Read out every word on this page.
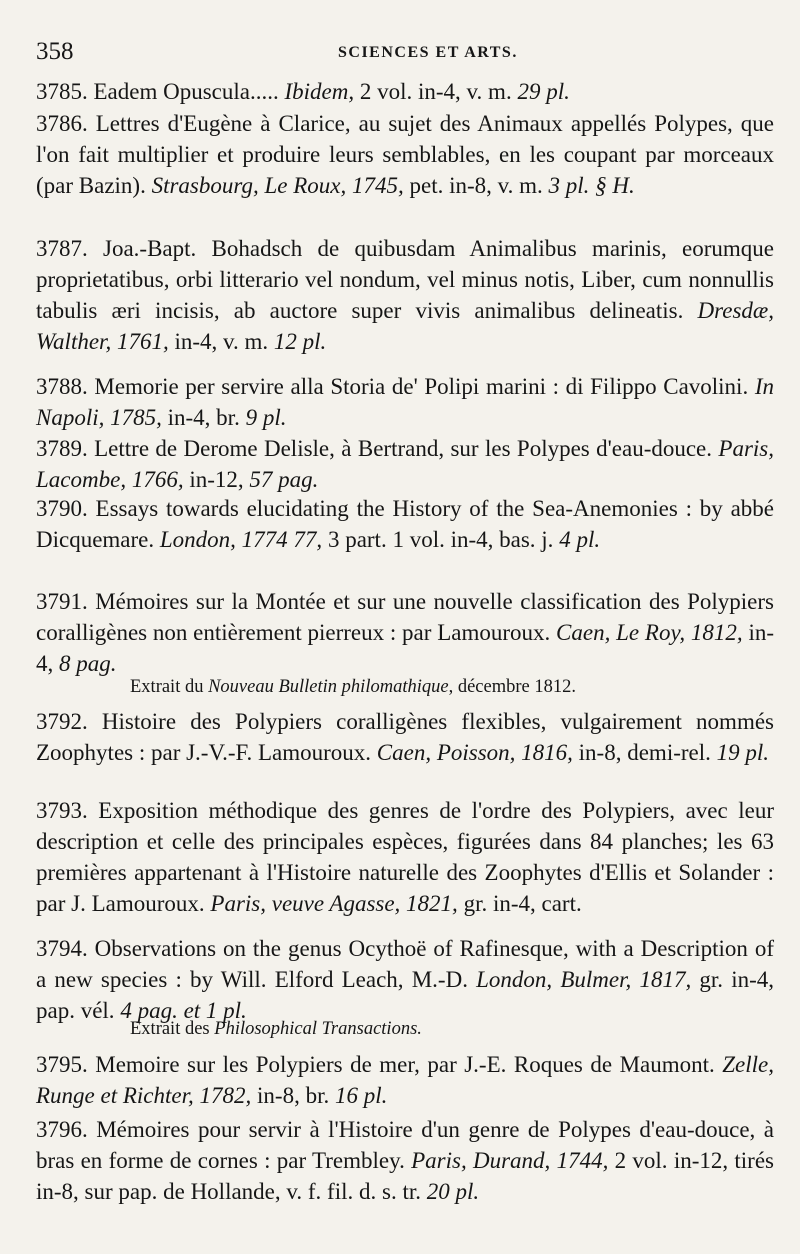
358	SCIENCES ET ARTS.
3785. Eadem Opuscula..... Ibidem, 2 vol. in-4, v. m. 29 pl.
3786. Lettres d'Eugène à Clarice, au sujet des Animaux appellés Polypes, que l'on fait multiplier et produire leurs semblables, en les coupant par morceaux (par Bazin). Strasbourg, Le Roux, 1745, pet. in-8, v. m. 3 pl. § H.
3787. Joa.-Bapt. Bohadsch de quibusdam Animalibus marinis, eorumque proprietatibus, orbi litterario vel nondum, vel minus notis, Liber, cum nonnullis tabulis æri incisis, ab auctore super vivis animalibus delineatis. Dresdæ, Walther, 1761, in-4, v. m. 12 pl.
3788. Memorie per servire alla Storia de' Polipi marini : di Filippo Cavolini. In Napoli, 1785, in-4, br. 9 pl.
3789. Lettre de Derome Delisle, à Bertrand, sur les Polypes d'eau-douce. Paris, Lacombe, 1766, in-12, 57 pag.
3790. Essays towards elucidating the History of the Sea-Anemonies : by abbé Dicquemare. London, 1774 77, 3 part. 1 vol. in-4, bas. j. 4 pl.
3791. Mémoires sur la Montée et sur une nouvelle classification des Polypiers coralligènes non entièrement pierreux : par Lamouroux. Caen, Le Roy, 1812, in-4, 8 pag.
Extrait du Nouveau Bulletin philomathique, décembre 1812.
3792. Histoire des Polypiers coralligènes flexibles, vulgairement nommés Zoophytes : par J.-V.-F. Lamouroux. Caen, Poisson, 1816, in-8, demi-rel. 19 pl.
3793. Exposition méthodique des genres de l'ordre des Polypiers, avec leur description et celle des principales espèces, figurées dans 84 planches; les 63 premières appartenant à l'Histoire naturelle des Zoophytes d'Ellis et Solander : par J. Lamouroux. Paris, veuve Agasse, 1821, gr. in-4, cart.
3794. Observations on the genus Ocythoë of Rafinesque, with a Description of a new species : by Will. Elford Leach, M.-D. London, Bulmer, 1817, gr. in-4, pap. vél. 4 pag. et 1 pl.
Extrait des Philosophical Transactions.
3795. Memoire sur les Polypiers de mer, par J.-E. Roques de Maumont. Zelle, Runge et Richter, 1782, in-8, br. 16 pl.
3796. Mémoires pour servir à l'Histoire d'un genre de Polypes d'eau-douce, à bras en forme de cornes : par Trembley. Paris, Durand, 1744, 2 vol. in-12, tirés in-8, sur pap. de Hollande, v. f. fil. d. s. tr. 20 pl.
